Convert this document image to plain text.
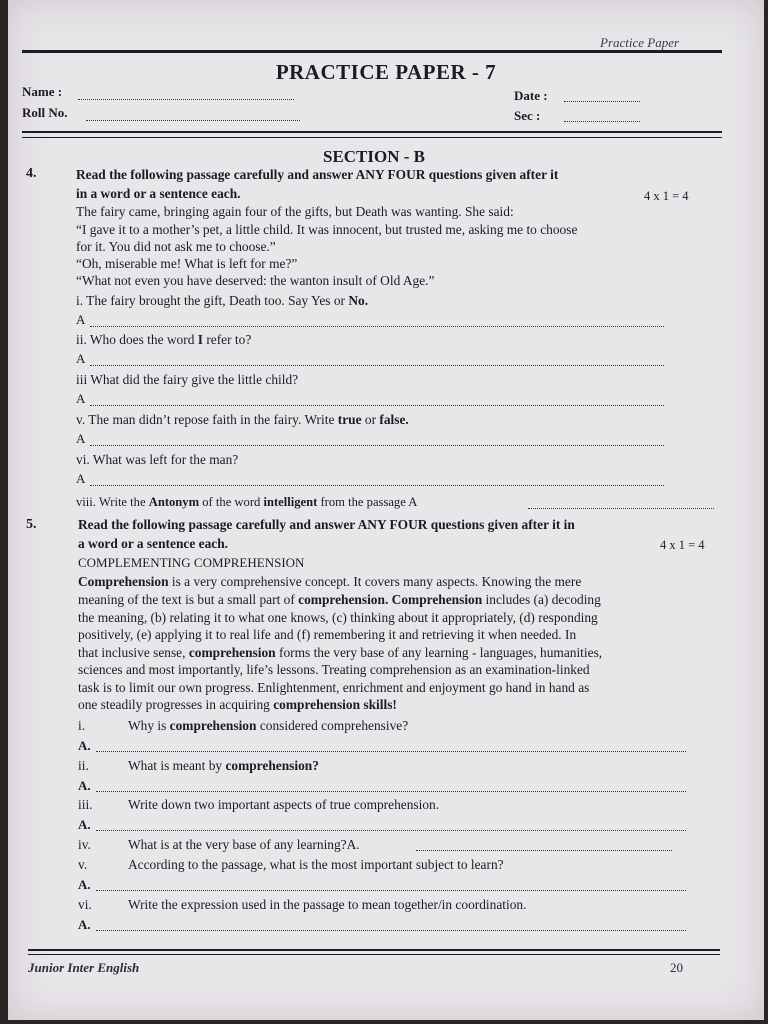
Practice Paper
PRACTICE PAPER - 7
Name :
Roll No.
Date :
Sec :
SECTION - B
4.	Read the following passage carefully and answer ANY FOUR questions given after it
in a word or a sentence each.	4 x 1 = 4
The fairy came, bringing again four of the gifts, but Death was wanting. She said:
“I gave it to a mother’s pet, a little child. It was innocent, but trusted me, asking me to choose
for it. You did not ask me to choose.”
“Oh, miserable me! What is left for me?”
“What not even you have deserved: the wanton insult of Old Age.”
i. The fairy brought the gift, Death too. Say Yes or No.
A
ii. Who does the word I refer to?
A
iii What did the fairy give the little child?
A
v. The man didn’t repose faith in the fairy. Write true or false.
A
vi. What was left for the man?
A
viii. Write the Antonym of the word intelligent from the passage A
5.	Read the following passage carefully and answer ANY FOUR questions given after it in
a word or a sentence each.	4 x 1 = 4
COMPLEMENTING COMPREHENSION
Comprehension is a very comprehensive concept. It covers many aspects. Knowing the mere
meaning of the text is but a small part of comprehension. Comprehension includes (a) decoding
the meaning, (b) relating it to what one knows, (c) thinking about it appropriately, (d) responding
positively, (e) applying it to real life and (f) remembering it and retrieving it when needed. In
that inclusive sense, comprehension forms the very base of any learning - languages, humanities,
sciences and most importantly, life’s lessons. Treating comprehension as an examination-linked
task is to limit our own progress. Enlightenment, enrichment and enjoyment go hand in hand as
one steadily progresses in acquiring comprehension skills!
i.	Why is comprehension considered comprehensive?
A.
ii.	What is meant by comprehension?
A.
iii.	Write down two important aspects of true comprehension.
A.
iv.	What is at the very base of any learning?A.
v.	According to the passage, what is the most important subject to learn?
A.
vi.	Write the expression used in the passage to mean together/in coordination.
A.
Junior Inter English	20
